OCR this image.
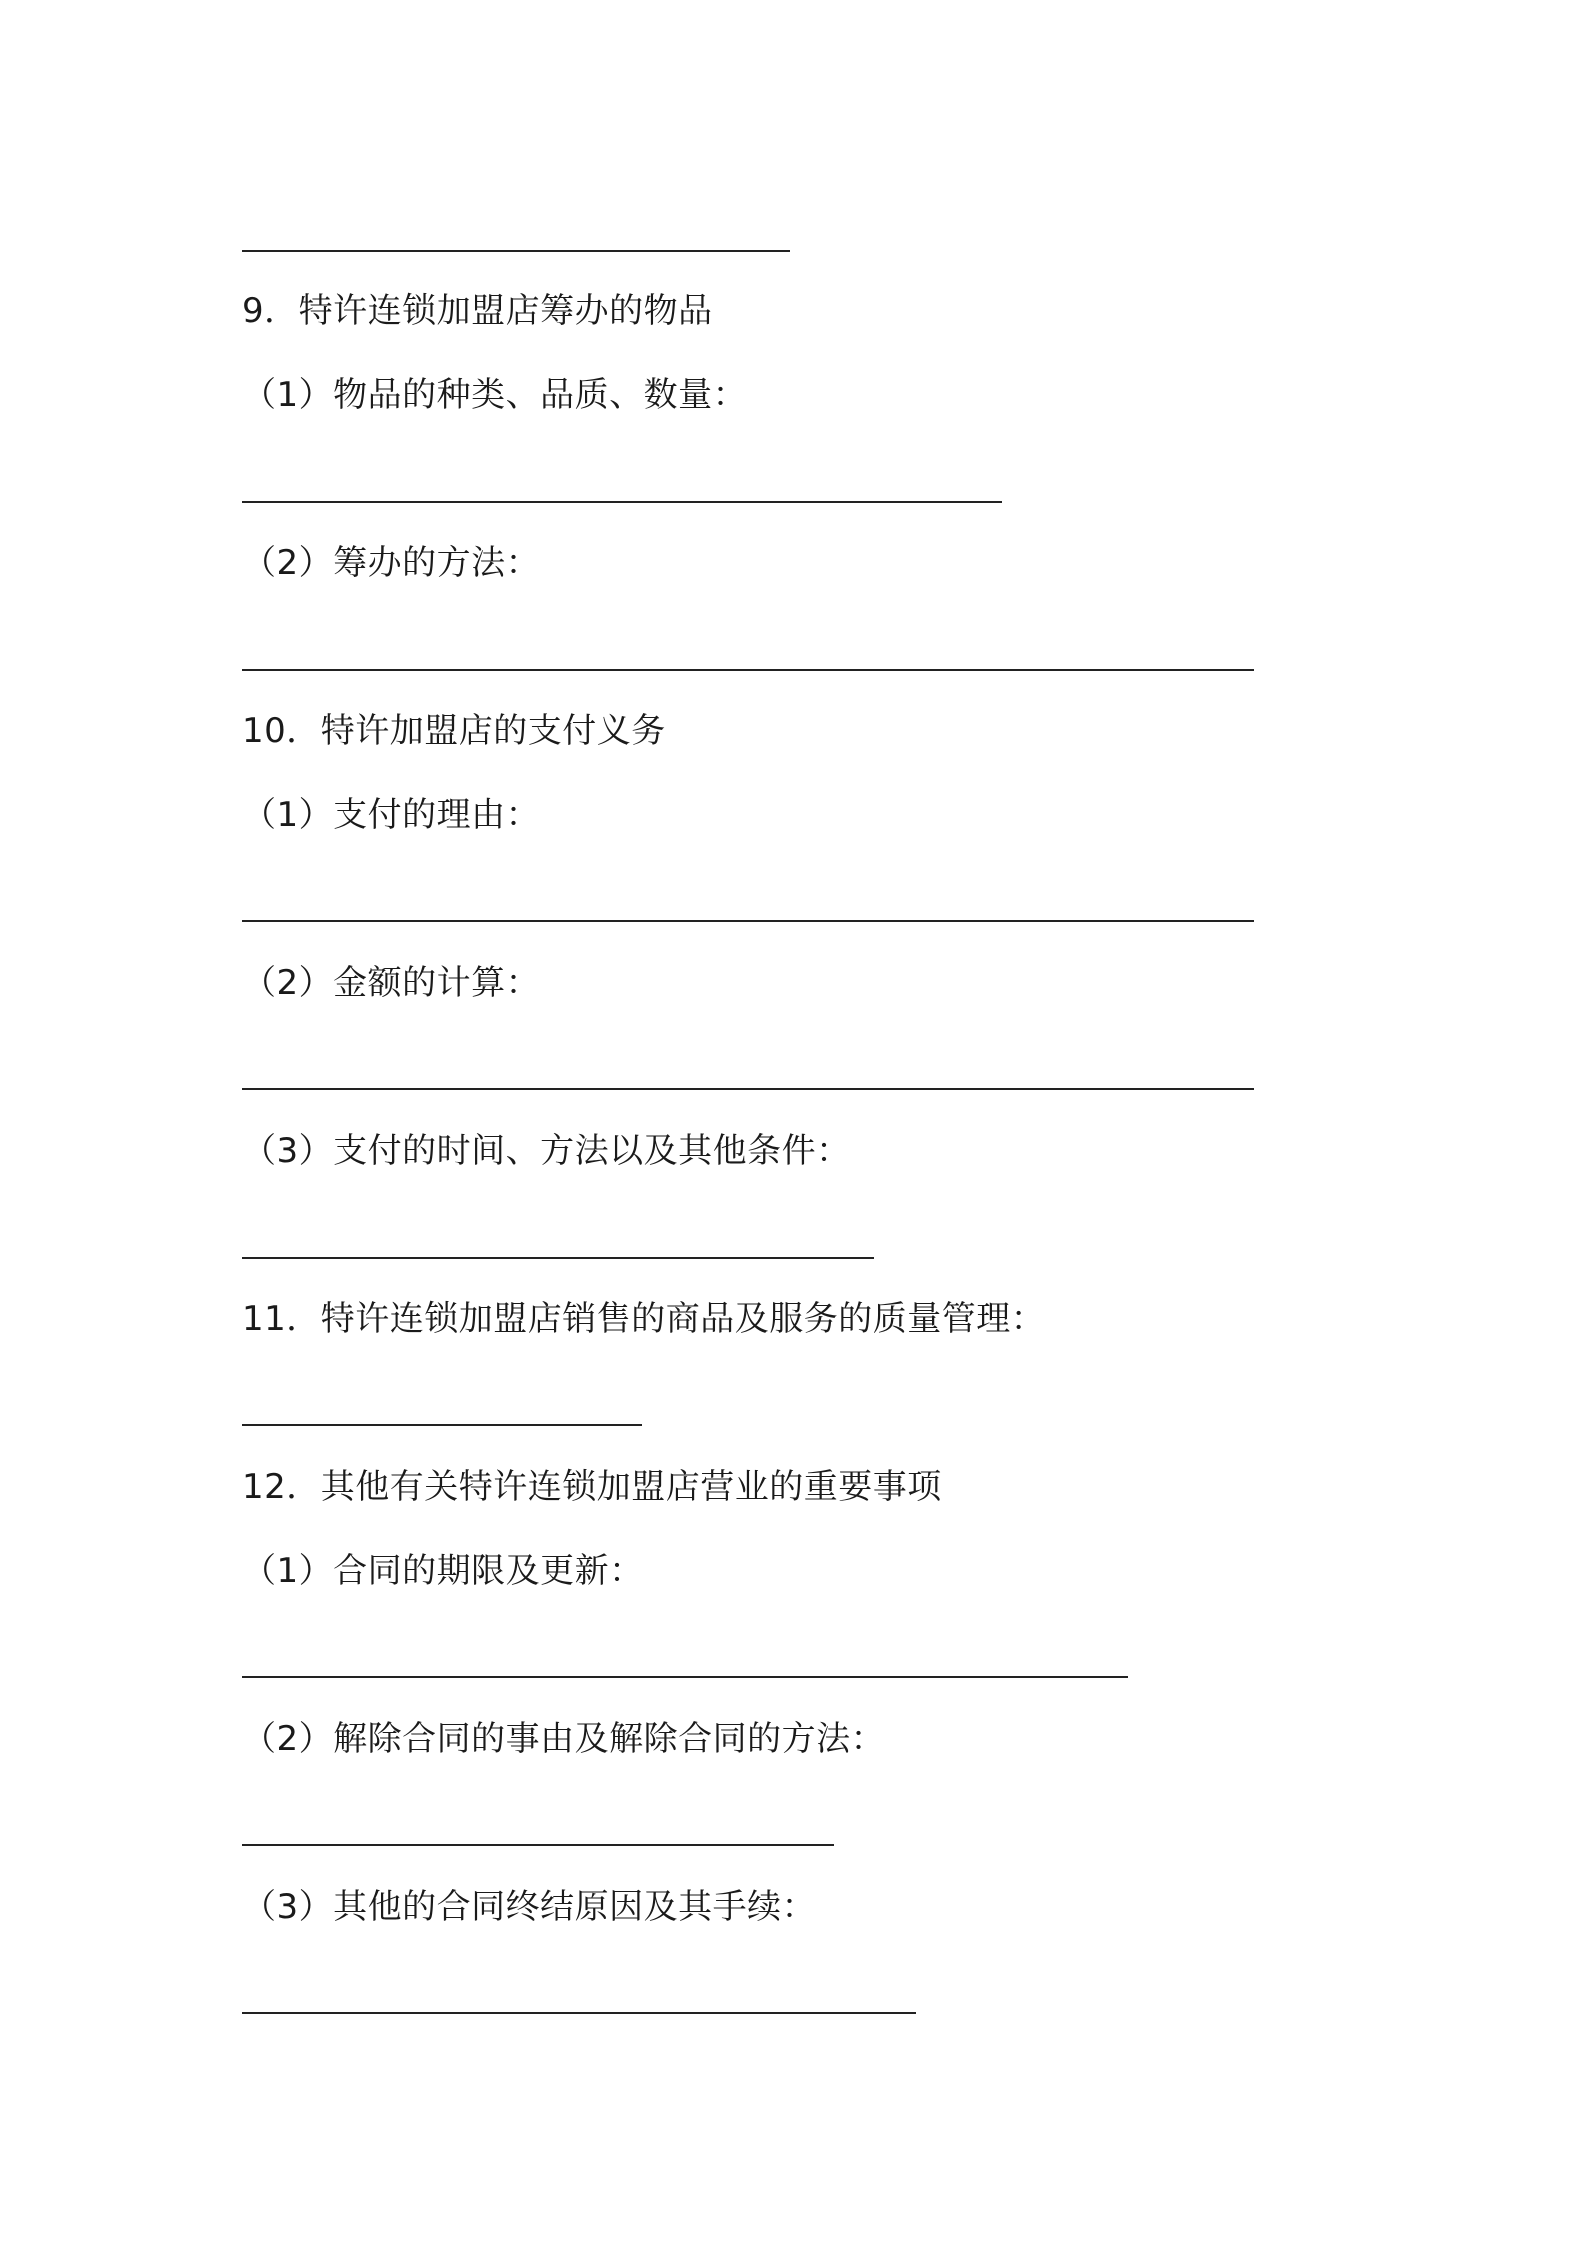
9．特许连锁加盟店筹办的物品
（1）物品的种类、品质、数量：
（2）筹办的方法：
10．特许加盟店的支付义务
（1）支付的理由：
（2）金额的计算：
（3）支付的时间、方法以及其他条件：
11．特许连锁加盟店销售的商品及服务的质量管理：
12．其他有关特许连锁加盟店营业的重要事项
（1）合同的期限及更新：
（2）解除合同的事由及解除合同的方法：
（3）其他的合同终结原因及其手续：
